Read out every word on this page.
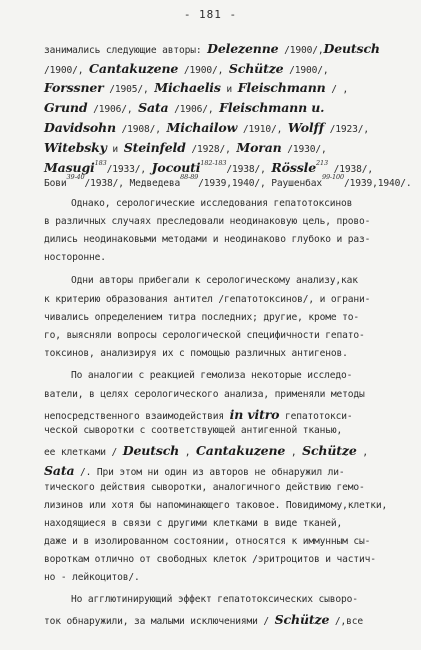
- 181 -
занимались следующие авторы: Delezenne /1900/,Deutsch
/1900/, Cantakuzene /1900/, Schütze /1900/,
Forssner /1905/, Michaelis и Fleischmann / ,
Grund /1906/, Sata /1906/, Fleischmann u.
Davidsohn /1908/, Michailow /1910/, Wolff /1923/,
Witebsky и Steinfeld /1928/, Moran /1930/,
Masugi$^{183}$/1933/, Jocouti$^{182-183}$/1938/, Rössle$^{213}$ /1938/,
Бови$^{39-40}$/1938/, Медведева$^{88-89}$/1939,1940/, Раушенбах$^{99-100}$/1939,1940/.
Однако, серологические исследования гепатотоксинов
в различных случаях преследовали неодинаковую цель, прово-
дились неодинаковыми методами и неодинаково глубоко и раз-
носторонне.
Одни авторы прибегали к серологическому анализу,как
к критерию образования антител /гепатотоксинов/, и ограни-
чивались определением титра последних; другие, кроме то-
го, выясняли вопросы серологической специфичности гепато-
токсинов, анализируя их с помощью различных антигенов.
По аналогии с реакцией гемолиза некоторые исследо-
ватели, в целях серологического анализа, применяли методы
непосредственного взаимодействия in vitro гепатотокси-
ческой сыворотки с соответствующей антигенной тканью,
ее клетками / Deutsch , Cantakuzene , Schütze ,
Sata /. При этом ни один из авторов не обнаружил ли-
тического действия сыворотки, аналогичного действию гемо-
лизинов или хотя бы напоминающего таковое. Повидимому,клетки,
находящиеся в связи с другими клетками в виде тканей,
даже и в изолированном состоянии, относятся к иммунным сы-
вороткам отлично от свободных клеток /эритроцитов и частич-
но - лейкоцитов/.
Но агглютинирующий эффект гепатотоксических сыворо-
ток обнаружили, за малыми исключениями / Schütze /,все
